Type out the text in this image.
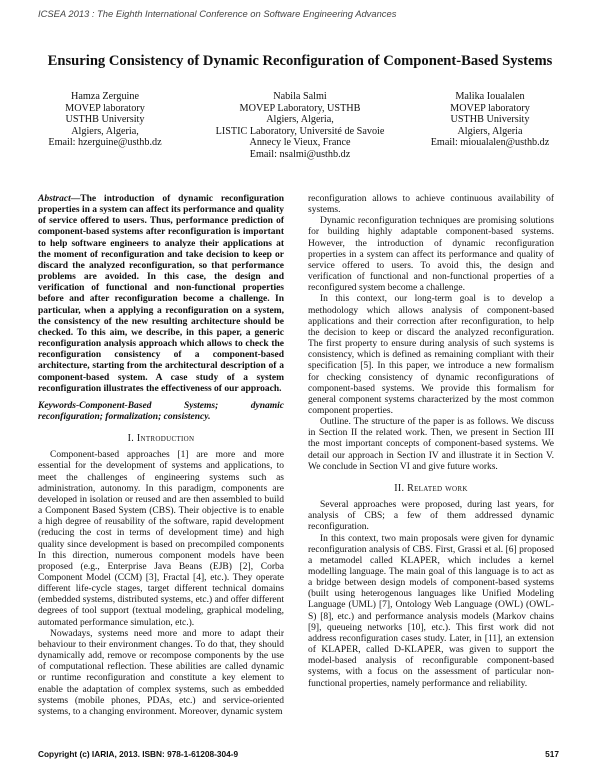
ICSEA 2013 : The Eighth International Conference on Software Engineering Advances
Ensuring Consistency of Dynamic Reconfiguration of Component-Based Systems
Hamza Zerguine
MOVEP laboratory
USTHB University
Algiers, Algeria,
Email: hzerguine@usthb.dz
Nabila Salmi
MOVEP Laboratory, USTHB
Algiers, Algeria,
LISTIC Laboratory, Université de Savoie
Annecy le Vieux, France
Email: nsalmi@usthb.dz
Malika Ioualalen
MOVEP laboratory
USTHB University
Algiers, Algeria
Email: mioualalen@usthb.dz

Abstract—The introduction of dynamic reconfiguration properties in a system can affect its performance and quality of service offered to users. Thus, performance prediction of component-based systems after reconfiguration is important to help software engineers to analyze their applications at the moment of reconfiguration and take decision to keep or discard the analyzed reconfiguration, so that performance problems are avoided. In this case, the design and verification of functional and non-functional properties before and after reconfiguration become a challenge. In particular, when a applying a reconfiguration on a system, the consistency of the new resulting architecture should be checked. To this aim, we describe, in this paper, a generic reconfiguration analysis approach which allows to check the reconfiguration consistency of a component-based architecture, starting from the architectural description of a component-based system. A case study of a system reconfiguration illustrates the effectiveness of our approach.

Keywords-Component-Based Systems; dynamic reconfiguration; formalization; consistency.

I. Introduction

Component-based approaches [1] are more and more essential for the development of systems and applications, to meet the challenges of engineering systems such as administration, autonomy. In this paradigm, components are developed in isolation or reused and are then assembled to build a Component Based System (CBS). Their objective is to enable a high degree of reusability of the software, rapid development (reducing the cost in terms of development time) and high quality since development is based on precompiled components In this direction, numerous component models have been proposed (e.g., Enterprise Java Beans (EJB) [2], Corba Component Model (CCM) [3], Fractal [4], etc.). They operate different life-cycle stages, target different technical domains (embedded systems, distributed systems, etc.) and offer different degrees of tool support (textual modeling, graphical modeling, automated performance simulation, etc.).

Nowadays, systems need more and more to adapt their behaviour to their environment changes. To do that, they should dynamically add, remove or recompose components by the use of computational reflection. These abilities are called dynamic or runtime reconfiguration and constitute a key element to enable the adaptation of complex systems, such as embedded systems (mobile phones, PDAs, etc.) and service-oriented systems, to a changing environment. Moreover, dynamic system

reconfiguration allows to achieve continuous availability of systems.

Dynamic reconfiguration techniques are promising solutions for building highly adaptable component-based systems. However, the introduction of dynamic reconfiguration properties in a system can affect its performance and quality of service offered to users. To avoid this, the design and verification of functional and non-functional properties of a reconfigured system become a challenge.

In this context, our long-term goal is to develop a methodology which allows analysis of component-based applications and their correction after reconfiguration, to help the decision to keep or discard the analyzed reconfiguration. The first property to ensure during analysis of such systems is consistency, which is defined as remaining compliant with their specification [5]. In this paper, we introduce a new formalism for checking consistency of dynamic reconfigurations of component-based systems. We provide this formalism for general component systems characterized by the most common component properties.

Outline. The structure of the paper is as follows. We discuss in Section II the related work. Then, we present in Section III the most important concepts of component-based systems. We detail our approach in Section IV and illustrate it in Section V. We conclude in Section VI and give future works.

II. Related work

Several approaches were proposed, during last years, for analysis of CBS; a few of them addressed dynamic reconfiguration.

In this context, two main proposals were given for dynamic reconfiguration analysis of CBS. First, Grassi et al. [6] proposed a metamodel called KLAPER, which includes a kernel modelling language. The main goal of this language is to act as a bridge between design models of component-based systems (built using heterogenous languages like Unified Modeling Language (UML) [7], Ontology Web Language (OWL) (OWL-S) [8], etc.) and performance analysis models (Markov chains [9], queueing networks [10], etc.). This first work did not address reconfiguration cases study. Later, in [11], an extension of KLAPER, called D-KLAPER, was given to support the model-based analysis of reconfigurable component-based systems, with a focus on the assessment of particular non-functional properties, namely performance and reliability.

Copyright (c) IARIA, 2013. ISBN: 978-1-61208-304-9	517
